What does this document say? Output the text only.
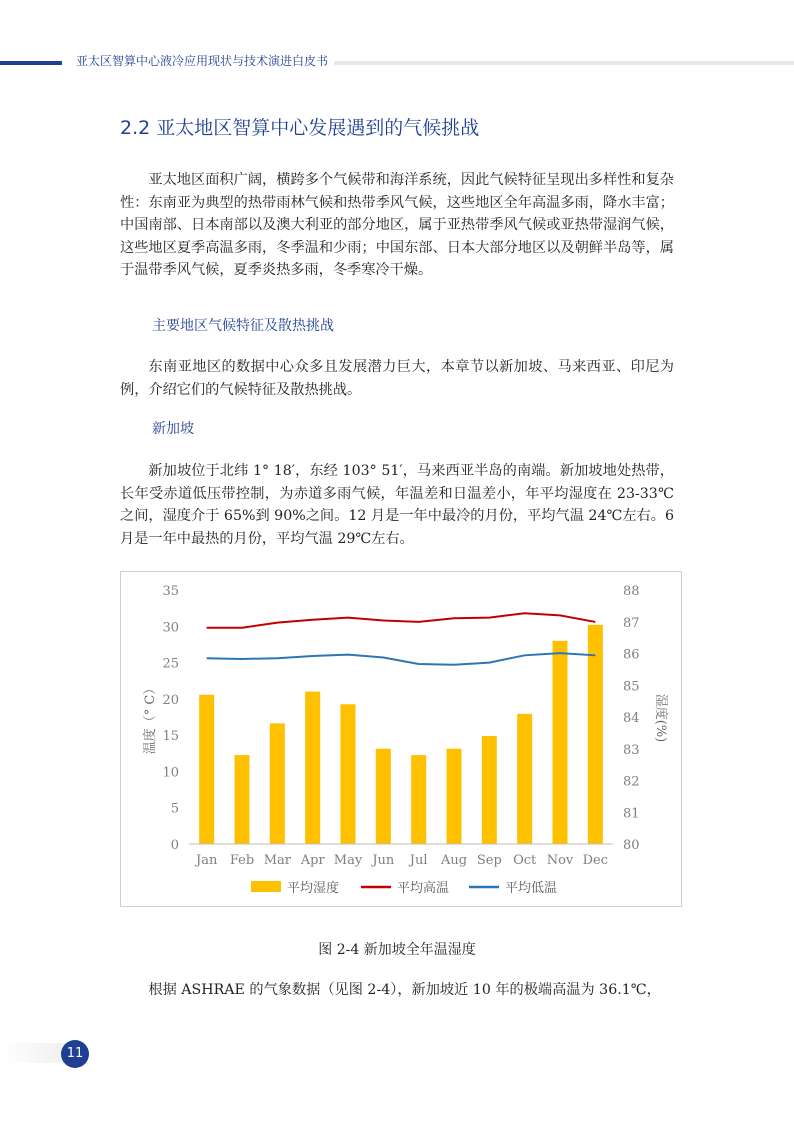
亚太区智算中心液冷应用现状与技术演进白皮书
2.2 亚太地区智算中心发展遇到的气候挑战

亚太地区面积广阔，横跨多个气候带和海洋系统，因此气候特征呈现出多样性和复杂性：东南亚为典型的热带雨林气候和热带季风气候，这些地区全年高温多雨，降水丰富；中国南部、日本南部以及澳大利亚的部分地区，属于亚热带季风气候或亚热带湿润气候，这些地区夏季高温多雨，冬季温和少雨；中国东部、日本大部分地区以及朝鲜半岛等，属于温带季风气候，夏季炎热多雨，冬季寒冷干燥。

主要地区气候特征及散热挑战

东南亚地区的数据中心众多且发展潜力巨大，本章节以新加坡、马来西亚、印尼为例，介绍它们的气候特征及散热挑战。

新加坡

新加坡位于北纬 1° 18′，东经 103° 51′，马来西亚半岛的南端。新加坡地处热带，长年受赤道低压带控制，为赤道多雨气候，年温差和日温差小，年平均湿度在 23-33℃之间，湿度介于 65%到 90%之间。12 月是一年中最冷的月份，平均气温 24℃左右。6 月是一年中最热的月份，平均气温 29℃左右。

0
5
10
15
20
25
30
35
80
81
82
83
84
85
86
87
88
Jan Feb Mar Apr May Jun Jul Aug Sep Oct Nov Dec
温度（° C）	湿度(%)
平均湿度	平均高温	平均低温
图 2-4 新加坡全年温湿度

根据 ASHRAE 的气象数据（见图 2-4），新加坡近 10 年的极端高温为 36.1℃，

11
